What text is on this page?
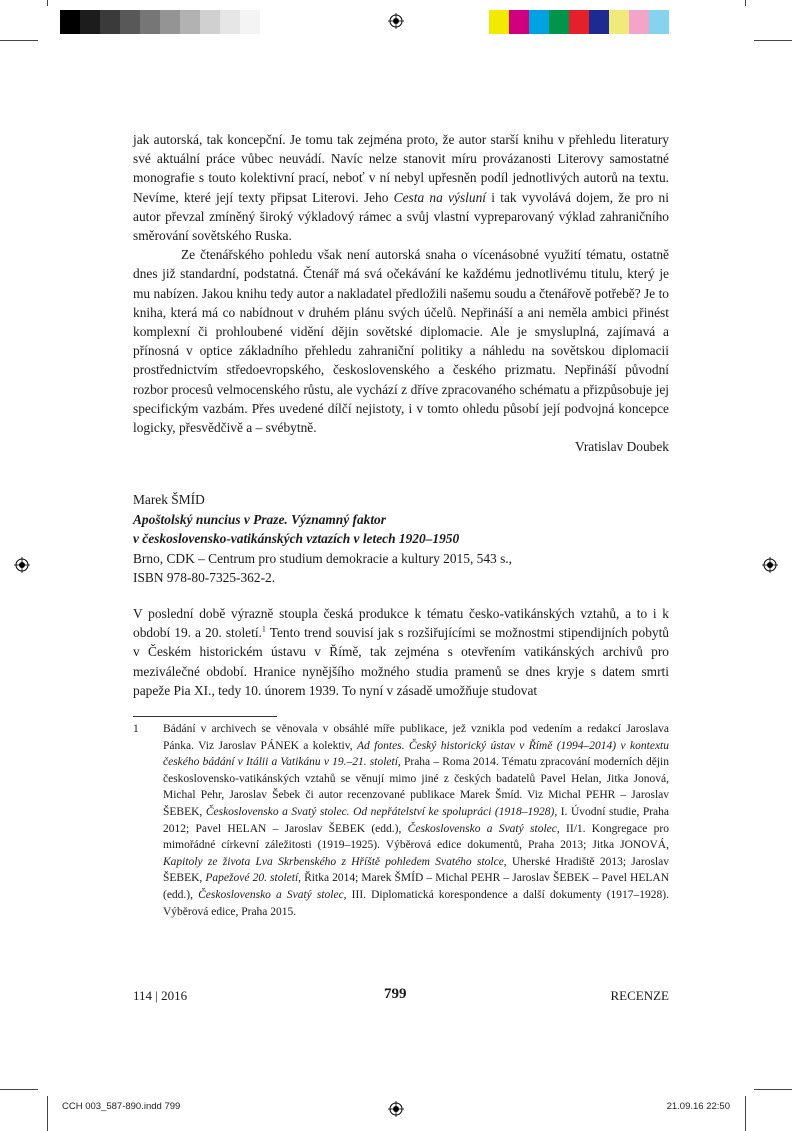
jak autorská, tak koncepční. Je tomu tak zejména proto, že autor starší knihu v přehledu literatury své aktuální práce vůbec neuvádí. Navíc nelze stanovit míru provázanosti Literovy samostatné monografie s touto kolektivní prací, neboť v ní nebyl upřesněn podíl jednotlivých autorů na textu. Nevíme, které její texty připsat Literovi. Jeho Cesta na výsluní i tak vyvolává dojem, že pro ni autor převzal zmíněný široký výkladový rámec a svůj vlastní vypreparovaný výklad zahraničního směrování sovětského Ruska.

Ze čtenářského pohledu však není autorská snaha o vícenásobné využití tématu, ostatně dnes již standardní, podstatná. Čtenář má svá očekávání ke každému jednotlivému titulu, který je mu nabízen. Jakou knihu tedy autor a nakladatel předložili našemu soudu a čtenářově potřebě? Je to kniha, která má co nabídnout v druhém plánu svých účelů. Nepřináší a ani neměla ambici přinést komplexní či prohloubené vidění dějin sovětské diplomacie. Ale je smysluplná, zajímavá a přínosná v optice základního přehledu zahraniční politiky a náhledu na sovětskou diplomacii prostřednictvím středoevropského, československého a českého prizmatu. Nepřináší původní rozbor procesů velmocenského růstu, ale vychází z dříve zpracovaného schématu a přizpůsobuje jej specifickým vazbám. Přes uvedené dílčí nejistoty, i v tomto ohledu působí její podvojná koncepce logicky, přesvědčivě a – svébytně.

Vratislav Doubek

Marek ŠMÍD
Apoštolský nuncius v Praze. Významný faktor
v československo-vatikánských vztazích v letech 1920–1950
Brno, CDK – Centrum pro studium demokracie a kultury 2015, 543 s.,
ISBN 978-80-7325-362-2.

V poslední době výrazně stoupla česká produkce k tématu česko-vatikánských vztahů, a to i k období 19. a 20. století.$^1$ Tento trend souvisí jak s rozšiřujícími se možnostmi stipendijních pobytů v Českém historickém ústavu v Římě, tak zejména s otevřením vatikánských archivů pro meziválečné období. Hranice nynějšího možného studia pramenů se dnes kryje s datem smrti papeže Pia XI., tedy 10. únorem 1939. To nyní v zásadě umožňuje studovat

1	Bádání v archivech se věnovala v obsáhlé míře publikace, jež vznikla pod vedením a redakcí Jaroslava Pánka. Viz Jaroslav PÁNEK a kolektiv, Ad fontes. Český historický ústav v Římě (1994–2014) v kontextu českého bádání v Itálii a Vatikánu v 19.–21. století, Praha – Roma 2014. Tématu zpracování moderních dějin československo-vatikánských vztahů se věnují mimo jiné z českých badatelů Pavel Helan, Jitka Jonová, Michal Pehr, Jaroslav Šebek či autor recenzované publikace Marek Šmíd. Viz Michal PEHR – Jaroslav ŠEBEK, Československo a Svatý stolec. Od nepřátelství ke spolupráci (1918–1928), I. Úvodní studie, Praha 2012; Pavel HELAN – Jaroslav ŠEBEK (edd.), Československo a Svatý stolec, II/1. Kongregace pro mimořádné církevní záležitosti (1919–1925). Výběrová edice dokumentů, Praha 2013; Jitka JONOVÁ, Kapitoly ze života Lva Skrbenského z Hříště pohledem Svatého stolce, Uherské Hradiště 2013; Jaroslav ŠEBEK, Papežové 20. století, Řitka 2014; Marek ŠMÍD – Michal PEHR – Jaroslav ŠEBEK – Pavel HELAN (edd.), Československo a Svatý stolec, III. Diplomatická korespondence a další dokumenty (1917–1928). Výběrová edice, Praha 2015.
114 | 2016	799	RECENZE
CCH 003_587-890.indd 799	21.09.16 22:50
